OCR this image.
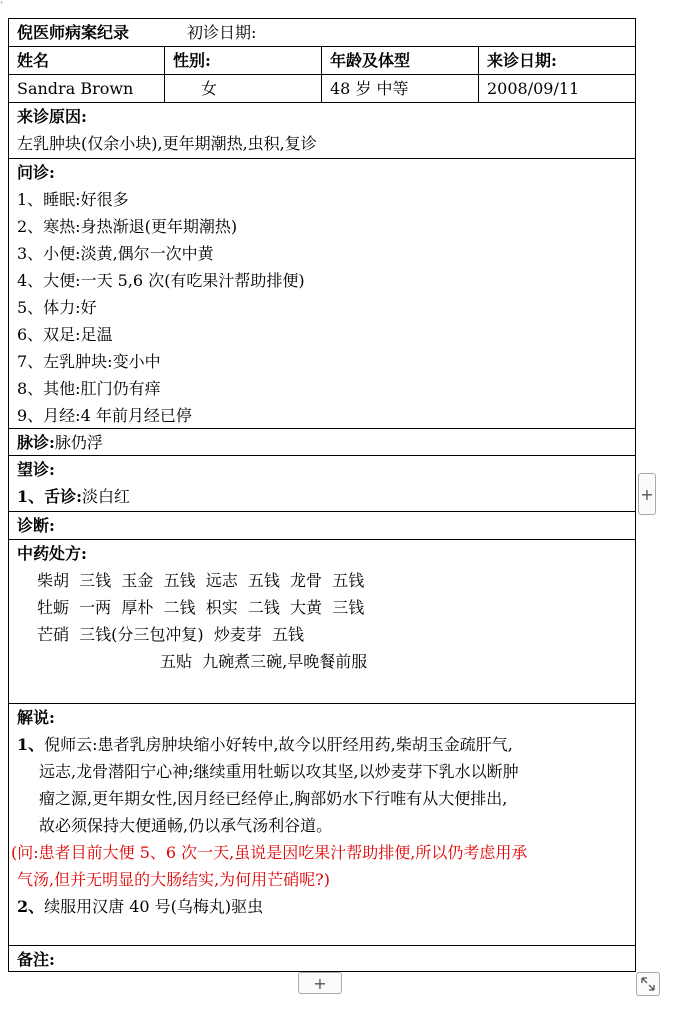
⁺
倪医师病案纪录	初诊日期:
姓名	性别:	年龄及体型	来诊日期:
Sandra Brown	女	48 岁 中等	2008/09/11
来诊原因:
左乳肿块(仅余小块),更年期潮热,虫积,复诊
问诊:
1、睡眠:好很多
2、寒热:身热渐退(更年期潮热)
3、小便:淡黄,偶尔一次中黄
4、大便:一天 5,6 次(有吃果汁帮助排便)
5、体力:好
6、双足:足温
7、左乳肿块:变小中
8、其他:肛门仍有痒
9、月经:4 年前月经已停
脉诊:脉仍浮
望诊:
1、舌诊:淡白红
诊断:
中药处方:
柴胡  三钱  玉金  五钱  远志  五钱  龙骨  五钱
牡蛎  一两  厚朴  二钱  枳实  二钱  大黄  三钱
芒硝  三钱(分三包冲复)  炒麦芽  五钱
五贴  九碗煮三碗,早晚餐前服
解说:
1、倪师云:患者乳房肿块缩小好转中,故今以肝经用药,柴胡玉金疏肝气,
远志,龙骨潜阳宁心神;继续重用牡蛎以攻其坚,以炒麦芽下乳水以断肿
瘤之源,更年期女性,因月经已经停止,胸部奶水下行唯有从大便排出,
故必须保持大便通畅,仍以承气汤利谷道。
(问:患者目前大便 5、6 次一天,虽说是因吃果汁帮助排便,所以仍考虑用承
气汤,但并无明显的大肠结实,为何用芒硝呢?)
2、续服用汉唐 40 号(乌梅丸)驱虫
备注:
+
+
